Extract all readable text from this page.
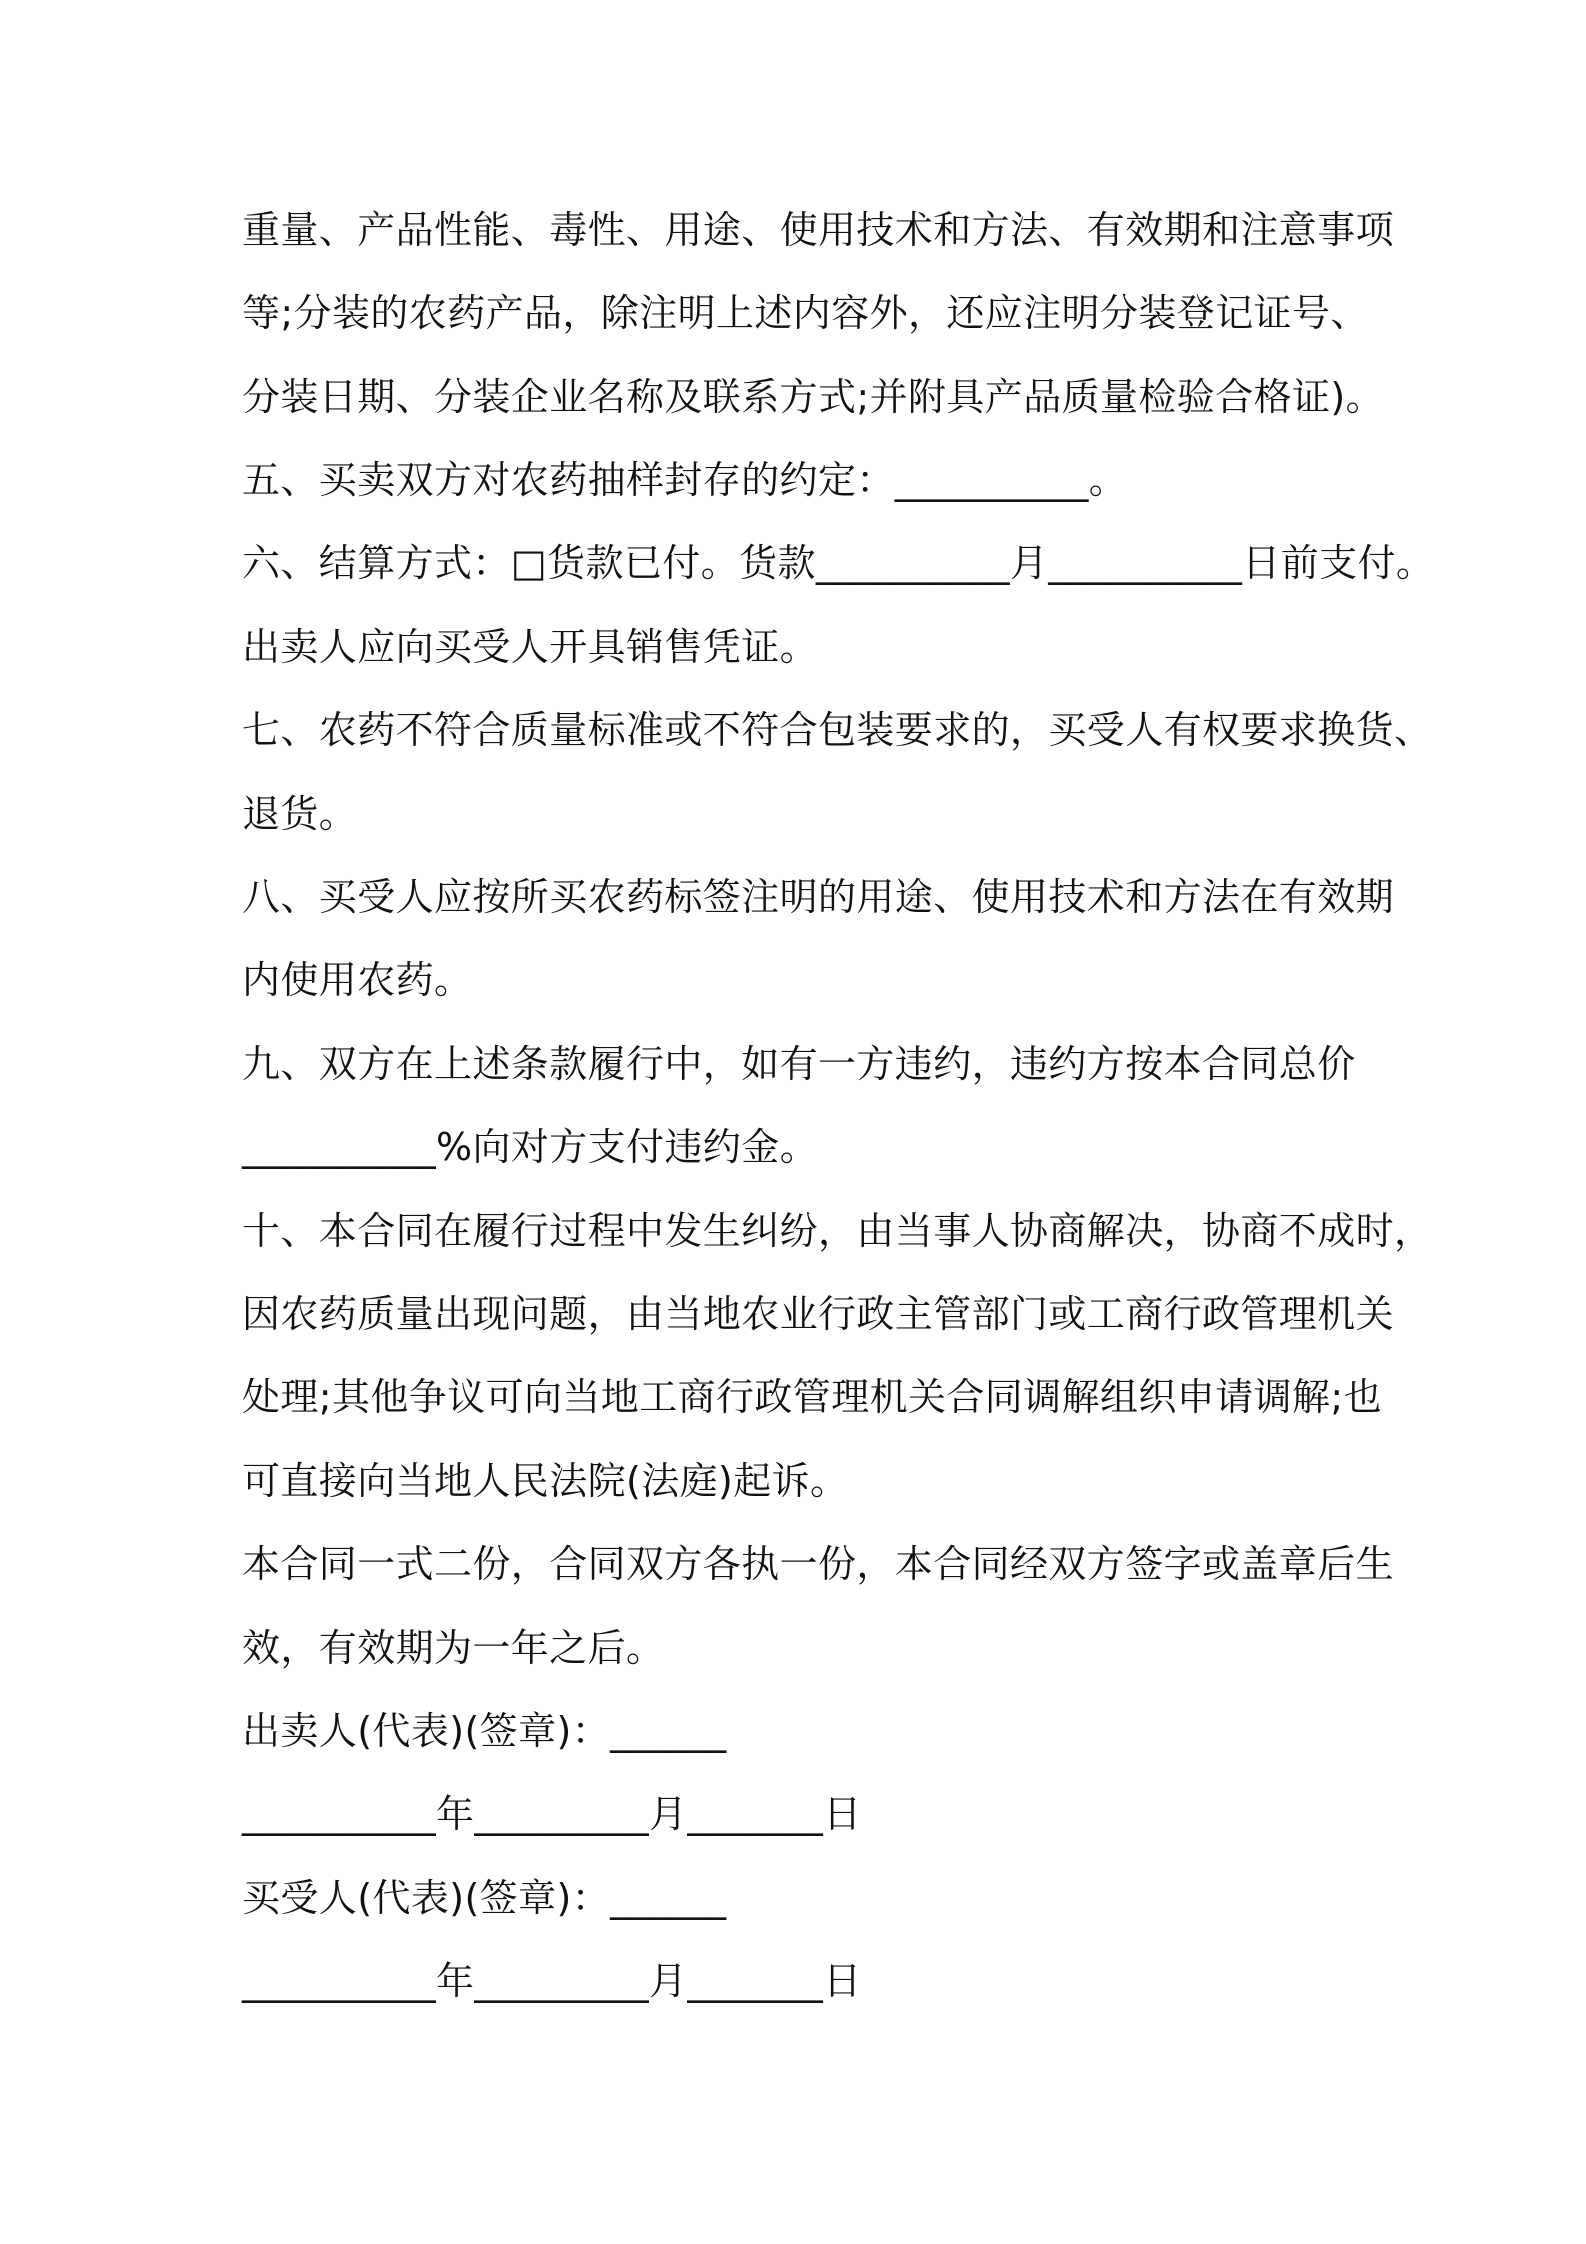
重量、产品性能、毒性、用途、使用技术和方法、有效期和注意事项
等;分装的农药产品，除注明上述内容外，还应注明分装登记证号、
分装日期、分装企业名称及联系方式;并附具产品质量检验合格证)。
五、买卖双方对农药抽样封存的约定：__________。
六、结算方式：□货款已付。货款__________月__________日前支付。
出卖人应向买受人开具销售凭证。
七、农药不符合质量标准或不符合包装要求的，买受人有权要求换货、
退货。
八、买受人应按所买农药标签注明的用途、使用技术和方法在有效期
内使用农药。
九、双方在上述条款履行中，如有一方违约，违约方按本合同总价
__________%向对方支付违约金。
十、本合同在履行过程中发生纠纷，由当事人协商解决，协商不成时，
因农药质量出现问题，由当地农业行政主管部门或工商行政管理机关
处理;其他争议可向当地工商行政管理机关合同调解组织申请调解;也
可直接向当地人民法院(法庭)起诉。
本合同一式二份，合同双方各执一份，本合同经双方签字或盖章后生
效，有效期为一年之后。
出卖人(代表)(签章)：______
__________年_________月_______日
买受人(代表)(签章)：______
__________年_________月_______日
